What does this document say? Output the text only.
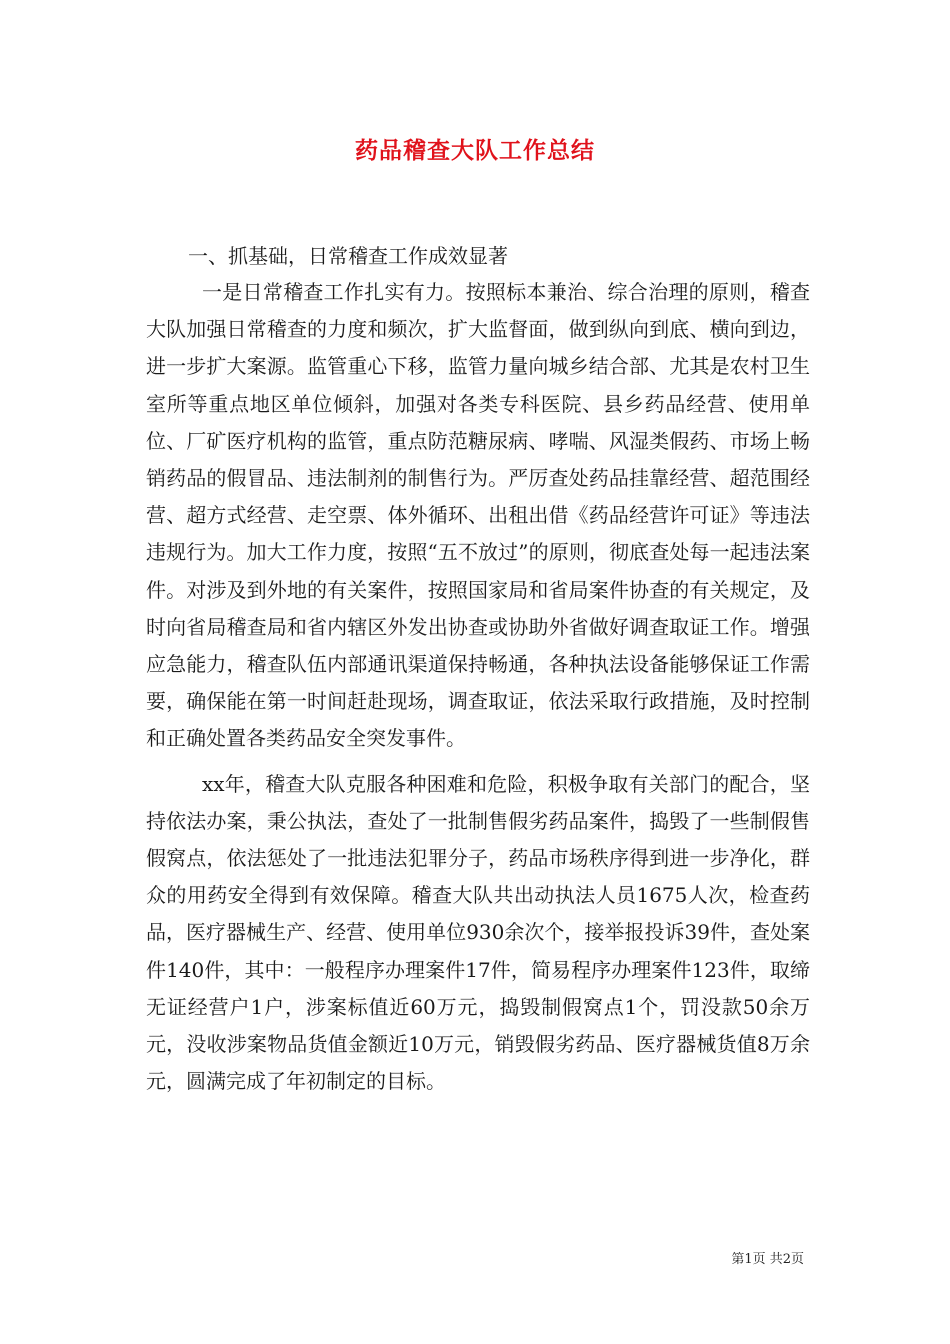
药品稽查大队工作总结

一、抓基础，日常稽查工作成效显著

一是日常稽查工作扎实有力。按照标本兼治、综合治理的原则，稽查大队加强日常稽查的力度和频次，扩大监督面，做到纵向到底、横向到边，进一步扩大案源。监管重心下移，监管力量向城乡结合部、尤其是农村卫生室所等重点地区单位倾斜，加强对各类专科医院、县乡药品经营、使用单位、厂矿医疗机构的监管，重点防范糖尿病、哮喘、风湿类假药、市场上畅销药品的假冒品、违法制剂的制售行为。严厉查处药品挂靠经营、超范围经营、超方式经营、走空票、体外循环、出租出借《药品经营许可证》等违法违规行为。加大工作力度，按照“五不放过”的原则，彻底查处每一起违法案件。对涉及到外地的有关案件，按照国家局和省局案件协查的有关规定，及时向省局稽查局和省内辖区外发出协查或协助外省做好调查取证工作。增强应急能力，稽查队伍内部通讯渠道保持畅通，各种执法设备能够保证工作需要，确保能在第一时间赶赴现场，调查取证，依法采取行政措施，及时控制和正确处置各类药品安全突发事件。

xx年，稽查大队克服各种困难和危险，积极争取有关部门的配合，坚持依法办案，秉公执法，查处了一批制售假劣药品案件，捣毁了一些制假售假窝点，依法惩处了一批违法犯罪分子，药品市场秩序得到进一步净化，群众的用药安全得到有效保障。稽查大队共出动执法人员1675人次，检查药品，医疗器械生产、经营、使用单位930余次个，接举报投诉39件，查处案件140件，其中：一般程序办理案件17件，简易程序办理案件123件，取缔无证经营户1户，涉案标值近60万元，捣毁制假窝点1个，罚没款50余万元，没收涉案物品货值金额近10万元，销毁假劣药品、医疗器械货值8万余元，圆满完成了年初制定的目标。

第1页 共2页
